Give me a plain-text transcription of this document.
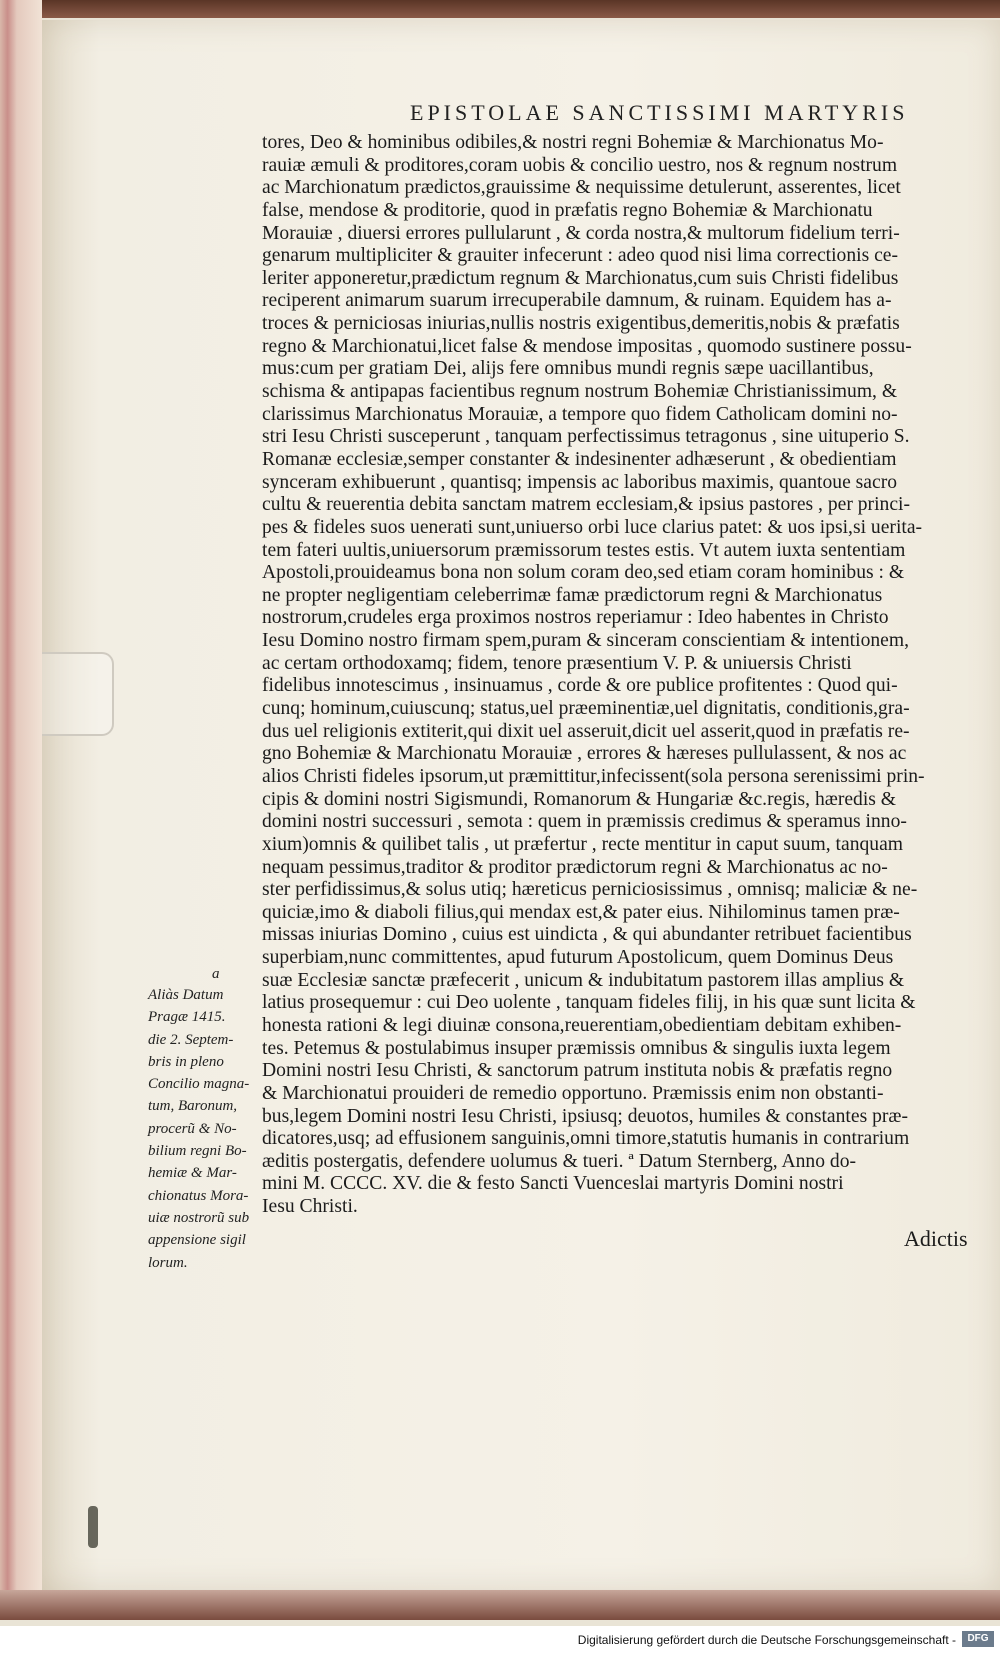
EPISTOLAE SANCTISSIMI MARTYRIS
tores, Deo & hominibus odibiles,& nostri regni Bohemiæ & Marchionatus Mo-
rauiæ æmuli & proditores,coram uobis & concilio uestro, nos & regnum nostrum
ac Marchionatum prædictos,grauissime & nequissime detulerunt, asserentes, licet
false, mendose & proditorie, quod in præfatis regno Bohemiæ & Marchionatu
Morauiæ , diuersi errores pullularunt , & corda nostra,& multorum fidelium terri-
genarum multipliciter & grauiter infecerunt : adeo quod nisi lima correctionis ce-
leriter apponeretur,prædictum regnum & Marchionatus,cum suis Christi fidelibus
reciperent animarum suarum irrecuperabile damnum, & ruinam. Equidem has a-
troces & perniciosas iniurias,nullis nostris exigentibus,demeritis,nobis & præfatis
regno & Marchionatui,licet false & mendose impositas , quomodo sustinere possu-
mus:cum per gratiam Dei, alijs fere omnibus mundi regnis sæpe uacillantibus,
schisma & antipapas facientibus regnum nostrum Bohemiæ Christianissimum, &
clarissimus Marchionatus Morauiæ, a tempore quo fidem Catholicam domini no-
stri Iesu Christi susceperunt , tanquam perfectissimus tetragonus , sine uituperio S.
Romanæ ecclesiæ,semper constanter & indesinenter adhæserunt , & obedientiam
synceram exhibuerunt , quantisq; impensis ac laboribus maximis, quantoue sacro
cultu & reuerentia debita sanctam matrem ecclesiam,& ipsius pastores , per princi-
pes & fideles suos uenerati sunt,uniuerso orbi luce clarius patet: & uos ipsi,si uerita-
tem fateri uultis,uniuersorum præmissorum testes estis. Vt autem iuxta sententiam
Apostoli,prouideamus bona non solum coram deo,sed etiam coram hominibus : &
ne propter negligentiam celeberrimæ famæ prædictorum regni & Marchionatus
nostrorum,crudeles erga proximos nostros reperiamur : Ideo habentes in Christo
Iesu Domino nostro firmam spem,puram & sinceram conscientiam & intentionem,
ac certam orthodoxamq; fidem, tenore præsentium V. P. & uniuersis Christi
fidelibus innotescimus , insinuamus , corde & ore publice profitentes : Quod qui-
cunq; hominum,cuiuscunq; status,uel præeminentiæ,uel dignitatis, conditionis,gra-
dus uel religionis extiterit,qui dixit uel asseruit,dicit uel asserit,quod in præfatis re-
gno Bohemiæ & Marchionatu Morauiæ , errores & hæreses pullulassent, & nos ac
alios Christi fideles ipsorum,ut præmittitur,infecissent(sola persona serenissimi prin-
cipis & domini nostri Sigismundi, Romanorum & Hungariæ &c.regis, hæredis &
domini nostri successuri , semota : quem in præmissis credimus & speramus inno-
xium)omnis & quilibet talis , ut præfertur , recte mentitur in caput suum, tanquam
nequam pessimus,traditor & proditor prædictorum regni & Marchionatus ac no-
ster perfidissimus,& solus utiq; hæreticus perniciosissimus , omnisq; maliciæ & ne-
quiciæ,imo & diaboli filius,qui mendax est,& pater eius. Nihilominus tamen præ-
missas iniurias Domino , cuius est uindicta , & qui abundanter retribuet facientibus
superbiam,nunc committentes, apud futurum Apostolicum, quem Dominus Deus
suæ Ecclesiæ sanctæ præfecerit , unicum & indubitatum pastorem illas amplius &
latius prosequemur : cui Deo uolente , tanquam fideles filij, in his quæ sunt licita &
honesta rationi & legi diuinæ consona,reuerentiam,obedientiam debitam exhiben-
tes. Petemus & postulabimus insuper præmissis omnibus & singulis iuxta legem
Domini nostri Iesu Christi, & sanctorum patrum instituta nobis & præfatis regno
& Marchionatui prouideri de remedio opportuno. Præmissis enim non obstanti-
bus,legem Domini nostri Iesu Christi, ipsiusq; deuotos, humiles & constantes præ-
dicatores,usq; ad effusionem sanguinis,omni timore,statutis humanis in contrarium
æditis postergatis, defendere uolumus & tueri. ª Datum Sternberg, Anno do-
mini M. CCCC. XV. die & festo Sancti Vuenceslai martyris Domini nostri
Iesu Christi.
a
Aliàs Datum
Pragæ 1415.
die 2. Septem-
bris in pleno
Concilio magna-
tum, Baronum,
procerũ & No-
bilium regni Bo-
hemiæ & Mar-
chionatus Mora-
uiæ nostrorũ sub
appensione sigil
lorum.
Adictis
Digitalisierung gefördert durch die Deutsche Forschungsgemeinschaft -	DFG
